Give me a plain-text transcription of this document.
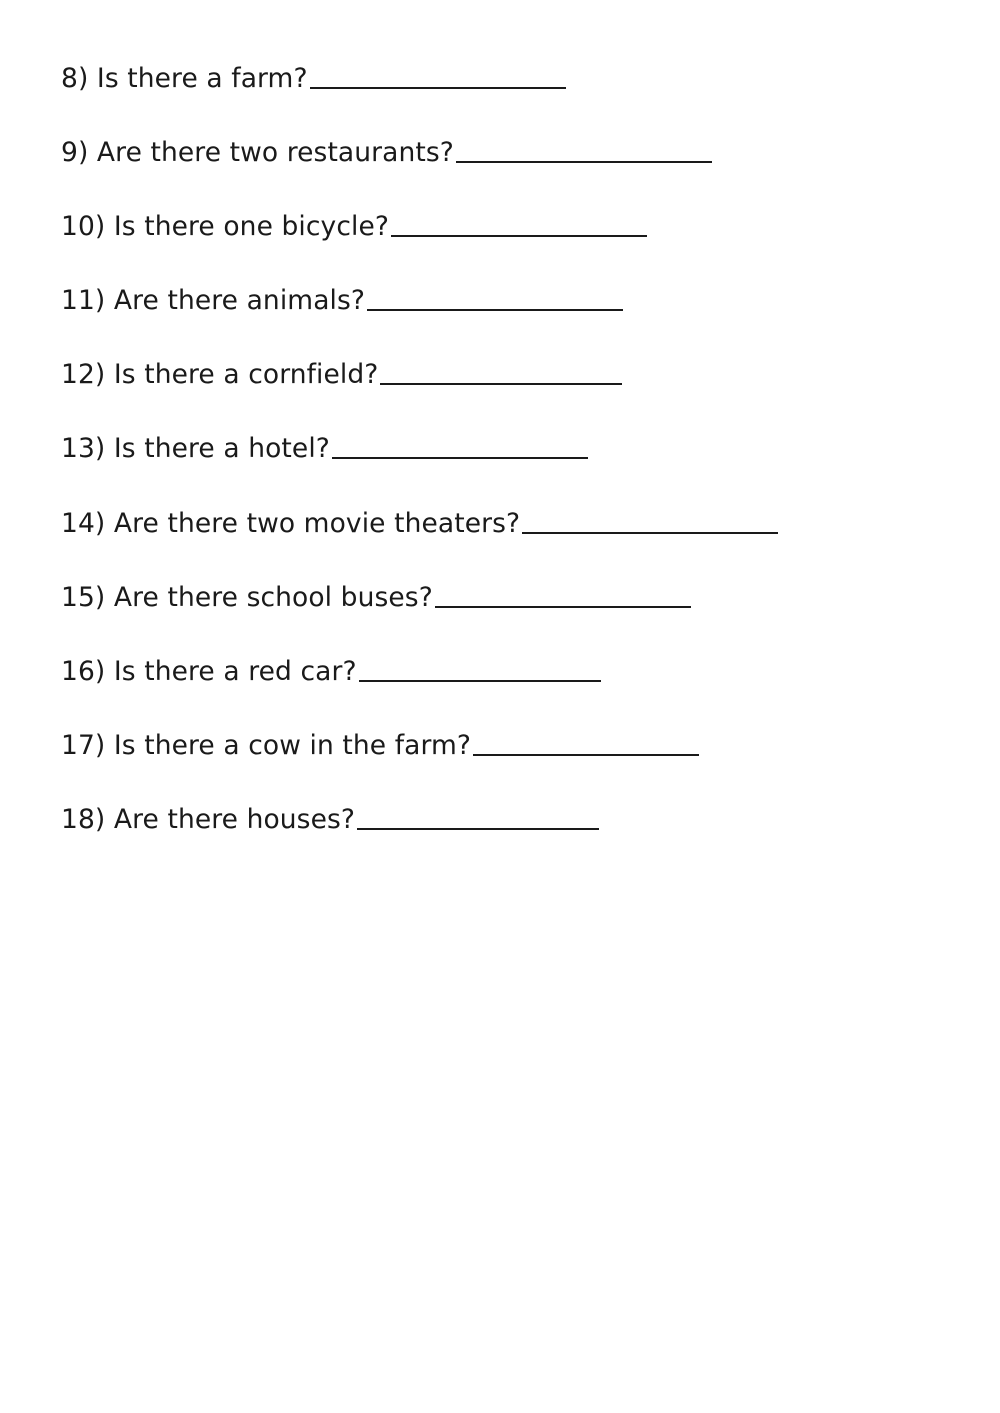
8) Is there a farm?
9) Are there two restaurants?
10) Is there one bicycle?
11) Are there animals?
12) Is there a cornfield?
13) Is there a hotel?
14) Are there two movie theaters?
15) Are there school buses?
16) Is there a red car?
17) Is there a cow in the farm?
18) Are there houses?
